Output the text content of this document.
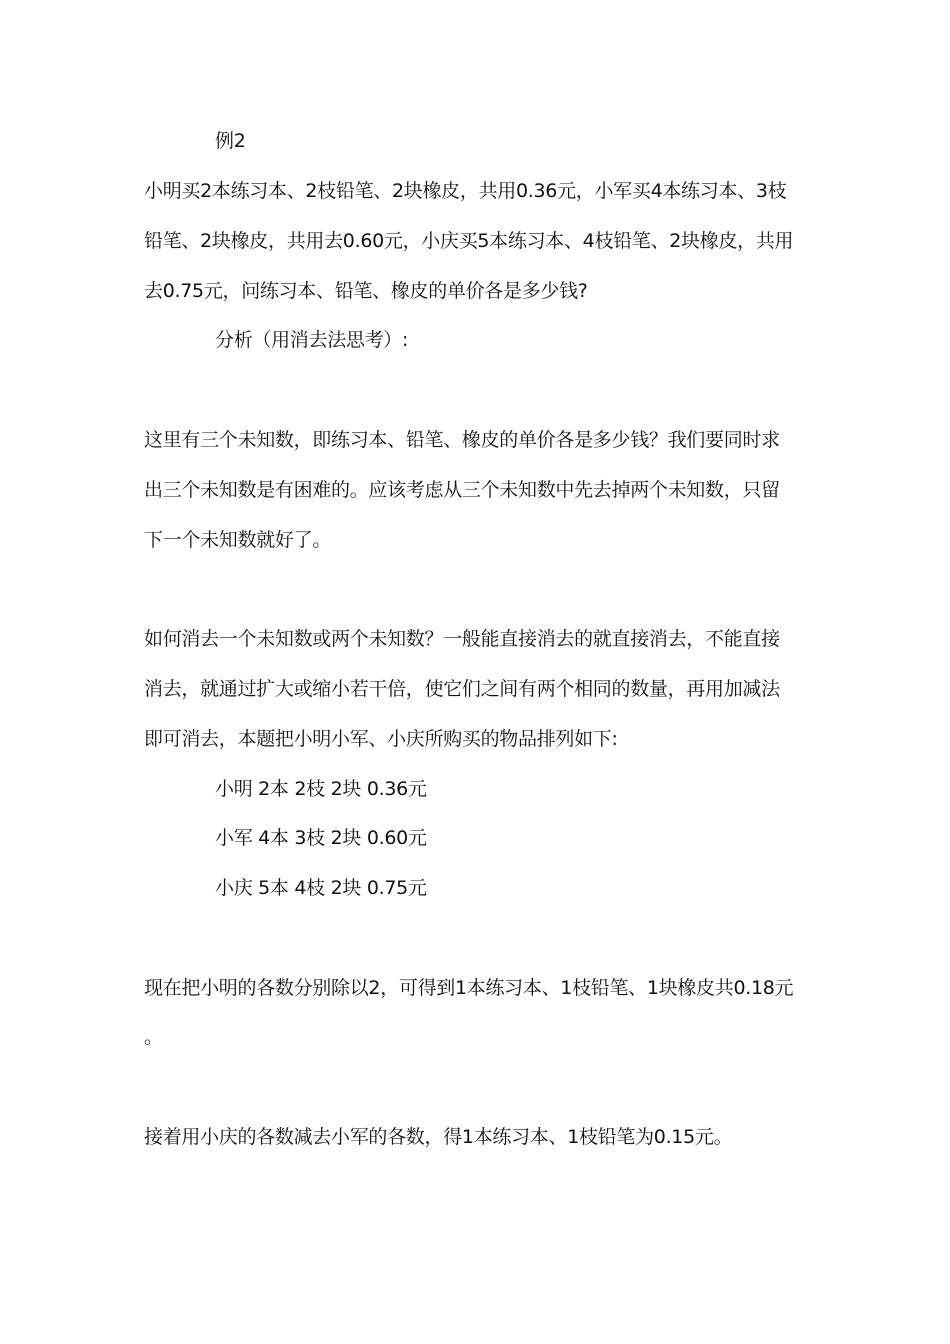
例2
小明买2本练习本、2枝铅笔、2块橡皮，共用0.36元，小军买4本练习本、3枝
铅笔、2块橡皮，共用去0.60元，小庆买5本练习本、4枝铅笔、2块橡皮，共用
去0.75元，问练习本、铅笔、橡皮的单价各是多少钱?
分析（用消去法思考）:
这里有三个未知数，即练习本、铅笔、橡皮的单价各是多少钱？我们要同时求
出三个未知数是有困难的。应该考虑从三个未知数中先去掉两个未知数，只留
下一个未知数就好了。
如何消去一个未知数或两个未知数？一般能直接消去的就直接消去，不能直接
消去，就通过扩大或缩小若干倍，使它们之间有两个相同的数量，再用加减法
即可消去，本题把小明小军、小庆所购买的物品排列如下:
小明 2本 2枝 2块 0.36元
小军 4本 3枝 2块 0.60元
小庆 5本 4枝 2块 0.75元
现在把小明的各数分别除以2，可得到1本练习本、1枝铅笔、1块橡皮共0.18元
。
接着用小庆的各数减去小军的各数，得1本练习本、1枝铅笔为0.15元。
